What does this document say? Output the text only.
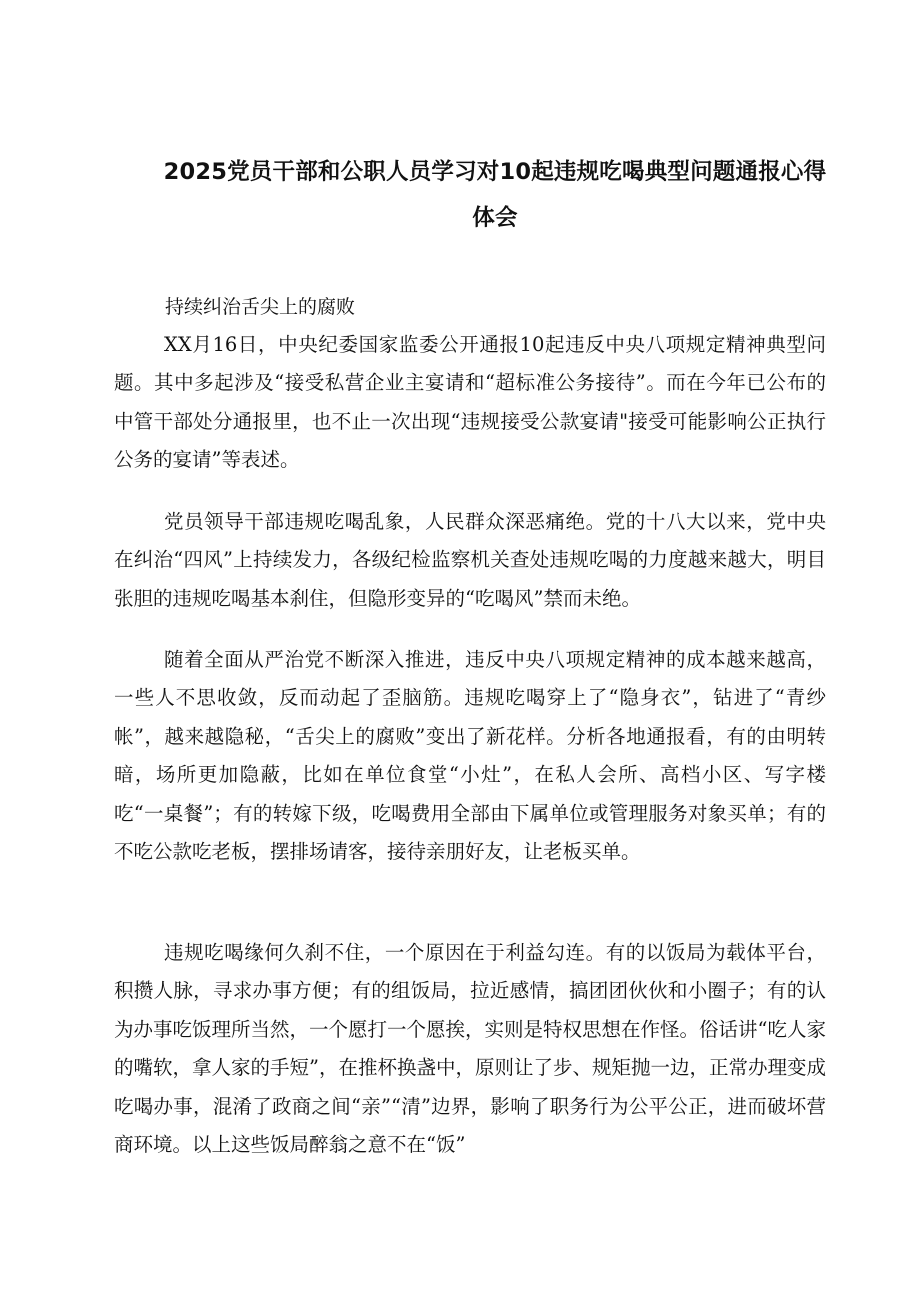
2025党员干部和公职人员学习对10起违规吃喝典型问题通报心得
体会

持续纠治舌尖上的腐败

XX月16日，中央纪委国家监委公开通报10起违反中央八项规定精神典型问题。其中多起涉及“接受私营企业主宴请和“超标准公务接待”。而在今年已公布的中管干部处分通报里，也不止一次出现“违规接受公款宴请"接受可能影响公正执行公务的宴请”等表述。

党员领导干部违规吃喝乱象，人民群众深恶痛绝。党的十八大以来，党中央在纠治“四风”上持续发力，各级纪检监察机关查处违规吃喝的力度越来越大，明目张胆的违规吃喝基本刹住，但隐形变异的“吃喝风”禁而未绝。

随着全面从严治党不断深入推进，违反中央八项规定精神的成本越来越高，一些人不思收敛，反而动起了歪脑筋。违规吃喝穿上了“隐身衣”，钻进了“青纱帐”，越来越隐秘，“舌尖上的腐败”变出了新花样。分析各地通报看，有的由明转暗，场所更加隐蔽，比如在单位食堂“小灶”，在私人会所、高档小区、写字楼吃“一桌餐”；有的转嫁下级，吃喝费用全部由下属单位或管理服务对象买单；有的不吃公款吃老板，摆排场请客，接待亲朋好友，让老板买单。

违规吃喝缘何久刹不住，一个原因在于利益勾连。有的以饭局为载体平台，积攒人脉，寻求办事方便；有的组饭局，拉近感情，搞团团伙伙和小圈子；有的认为办事吃饭理所当然，一个愿打一个愿挨，实则是特权思想在作怪。俗话讲“吃人家的嘴软，拿人家的手短”，在推杯换盏中，原则让了步、规矩抛一边，正常办理变成吃喝办事，混淆了政商之间“亲”“清”边界，影响了职务行为公平公正，进而破坏营商环境。以上这些饭局醉翁之意不在“饭”
